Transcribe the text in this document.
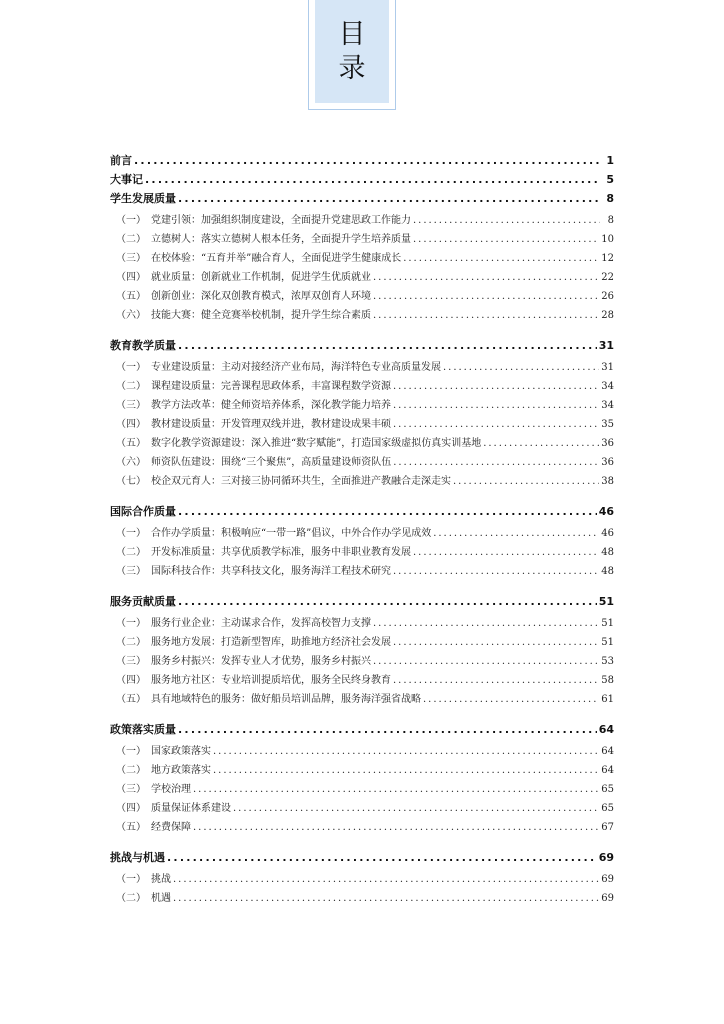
目
录
前言 . . .	1
大事记 . . .	5
学生发展质量 . . .	8
（一） 党建引领：加强组织制度建设，全面提升党建思政工作能力 . . .	8
（二） 立德树人：落实立德树人根本任务，全面提升学生培养质量 . . .	10
（三） 在校体验：“五育并举”融合育人，全面促进学生健康成长 . . .	12
（四） 就业质量：创新就业工作机制，促进学生优质就业 . . .	22
（五） 创新创业：深化双创教育模式，浓厚双创育人环境 . . .	26
（六） 技能大赛：健全竞赛举校机制，提升学生综合素质 . . .	28
教育教学质量 . . .	31
（一） 专业建设质量：主动对接经济产业布局，海洋特色专业高质量发展 . . .	31
（二） 课程建设质量：完善课程思政体系，丰富课程数学资源 . . .	34
（三） 教学方法改革：健全师资培养体系，深化教学能力培养 . . .	34
（四） 教材建设质量：开发管理双线并进，教材建设成果丰硕 . . .	35
（五） 数字化教学资源建设：深入推进“数字赋能”，打造国家级虚拟仿真实训基地 . . .	36
（六） 师资队伍建设：围绕“三个聚焦”，高质量建设师资队伍 . . .	36
（七） 校企双元育人：三对接三协同循环共生，全面推进产教融合走深走实 . . .	38
国际合作质量 . . .	46
（一） 合作办学质量：积极响应“一带一路”倡议，中外合作办学见成效 . . .	46
（二） 开发标准质量：共享优质教学标准，服务中非职业教育发展 . . .	48
（三） 国际科技合作：共享科技文化，服务海洋工程技术研究 . . .	48
服务贡献质量 . . .	51
（一） 服务行业企业：主动谋求合作，发挥高校智力支撑 . . .	51
（二） 服务地方发展：打造新型智库，助推地方经济社会发展 . . .	51
（三） 服务乡村振兴：发挥专业人才优势，服务乡村振兴 . . .	53
（四） 服务地方社区：专业培训提质培优，服务全民终身教育 . . .	58
（五） 具有地域特色的服务：做好船员培训品牌，服务海洋强省战略 . . .	61
政策落实质量 . . .	64
（一） 国家政策落实 . . .	64
（二） 地方政策落实 . . .	64
（三） 学校治理 . . .	65
（四） 质量保证体系建设 . . .	65
（五） 经费保障 . . .	67
挑战与机遇 . . .	69
（一） 挑战 . . .	69
（二） 机遇 . . .	69
